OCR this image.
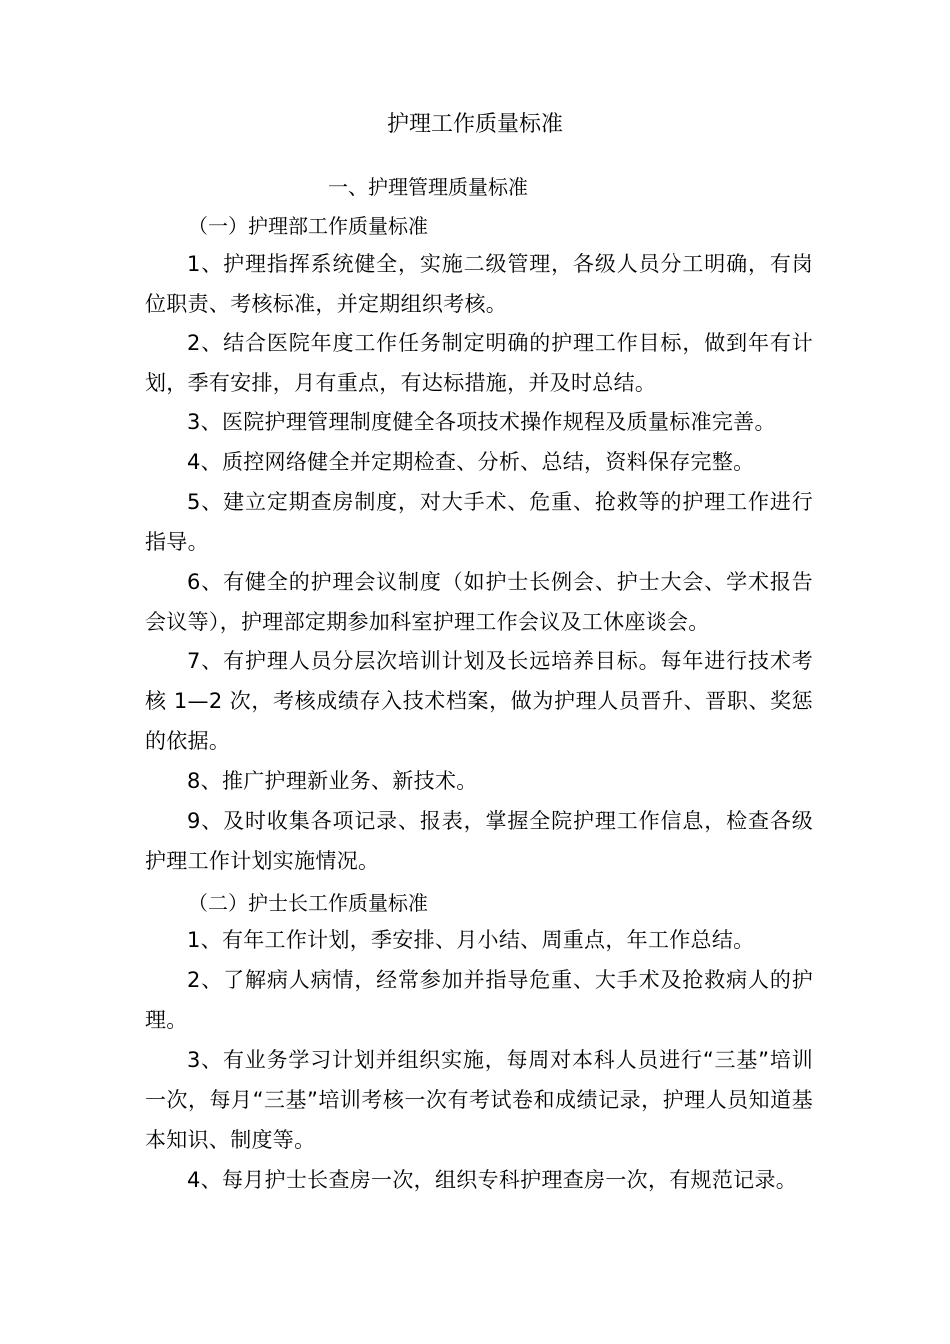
护理工作质量标准
一、护理管理质量标准
（一）护理部工作质量标准

1、护理指挥系统健全，实施二级管理，各级人员分工明确，有岗位职责、考核标准，并定期组织考核。

2、结合医院年度工作任务制定明确的护理工作目标，做到年有计划，季有安排，月有重点，有达标措施，并及时总结。

3、医院护理管理制度健全各项技术操作规程及质量标准完善。

4、质控网络健全并定期检查、分析、总结，资料保存完整。

5、建立定期查房制度，对大手术、危重、抢救等的护理工作进行指导。

6、有健全的护理会议制度（如护士长例会、护士大会、学术报告会议等），护理部定期参加科室护理工作会议及工休座谈会。

7、有护理人员分层次培训计划及长远培养目标。每年进行技术考核 1—2 次，考核成绩存入技术档案，做为护理人员晋升、晋职、奖惩的依据。

8、推广护理新业务、新技术。

9、及时收集各项记录、报表，掌握全院护理工作信息，检查各级护理工作计划实施情况。

（二）护士长工作质量标准

1、有年工作计划，季安排、月小结、周重点，年工作总结。

2、了解病人病情，经常参加并指导危重、大手术及抢救病人的护理。

3、有业务学习计划并组织实施，每周对本科人员进行“三基”培训一次，每月“三基”培训考核一次有考试卷和成绩记录，护理人员知道基本知识、制度等。

4、每月护士长查房一次，组织专科护理查房一次，有规范记录。
